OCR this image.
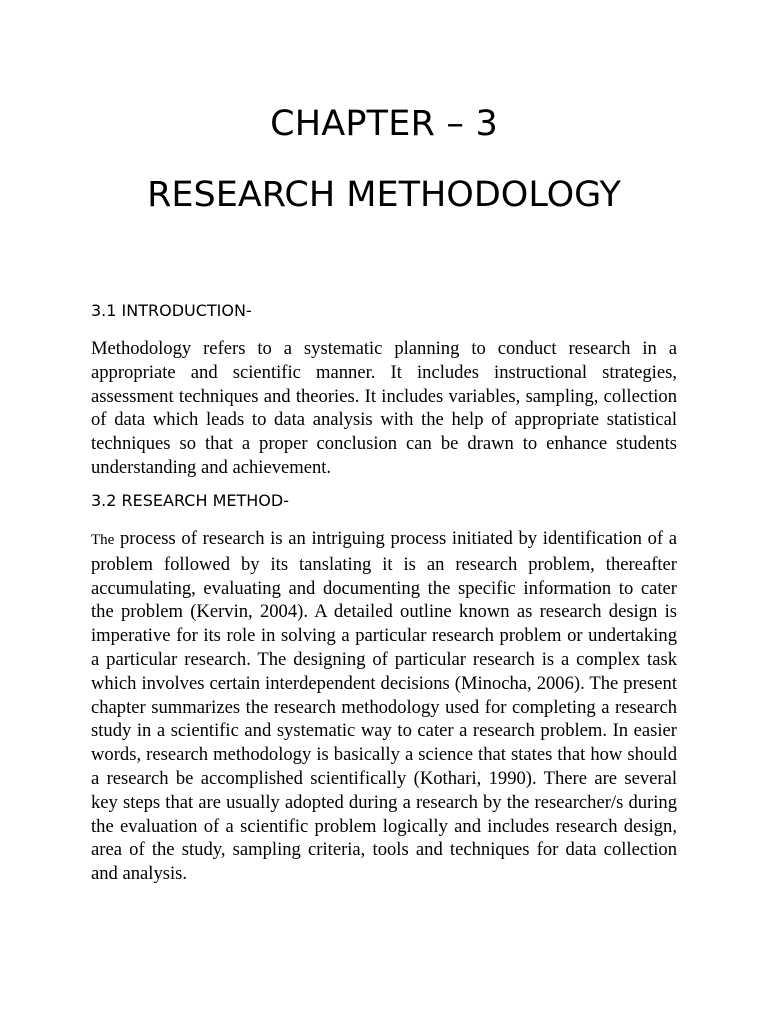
CHAPTER – 3
RESEARCH METHODOLOGY
3.1 INTRODUCTION-

Methodology refers to a systematic planning to conduct research in a appropriate and scientific manner. It includes instructional strategies, assessment techniques and theories. It includes variables, sampling, collection of data which leads to data analysis with the help of appropriate statistical techniques so that a proper conclusion can be drawn to enhance students understanding and achievement.

3.2 RESEARCH METHOD-

The process of research is an intriguing process initiated by identification of a problem followed by its tanslating it is an research problem, thereafter accumulating, evaluating and documenting the specific information to cater the problem (Kervin, 2004). A detailed outline known as research design is imperative for its role in solving a particular research problem or undertaking a particular research. The designing of particular research is a complex task which involves certain interdependent decisions (Minocha, 2006). The present chapter summarizes the research methodology used for completing a research study in a scientific and systematic way to cater a research problem. In easier words, research methodology is basically a science that states that how should a research be accomplished scientifically (Kothari, 1990). There are several key steps that are usually adopted during a research by the researcher/s during the evaluation of a scientific problem logically and includes research design, area of the study, sampling criteria, tools and techniques for data collection and analysis.
